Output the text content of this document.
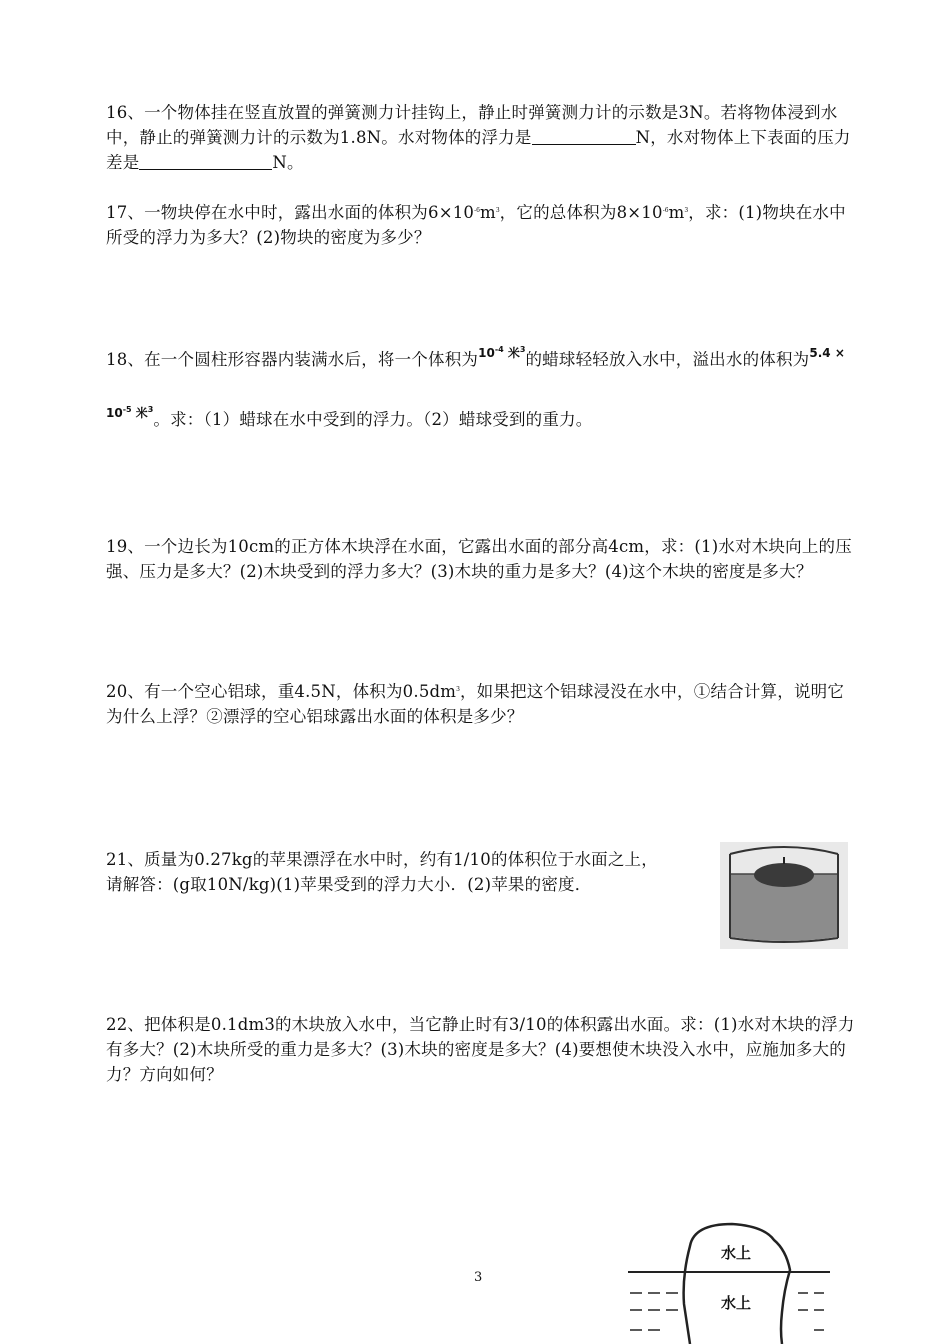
16、一个物体挂在竖直放置的弹簧测力计挂钩上，静止时弹簧测力计的示数是3N。若将物体浸到水中，静止的弹簧测力计的示数为1.8N。水对物体的浮力是	N，水对物体上下表面的压力差是	N。

17、一物块停在水中时，露出水面的体积为$6\times 10^{-6}m^3$，它的总体积为$8\times 10^{-6}m^3$，求：(1)物块在水中所受的浮力为多大？(2)物块的密度为多少？

18、在一个圆柱形容器内装满水后，将一个体积为$^{10^{-4} 米^3}$的蜡球轻轻放入水中，溢出水的体积为$^{5.4 \times 10^{-5} 米^3}$。求：（1）蜡球在水中受到的浮力。（2）蜡球受到的重力。

19、一个边长为10cm的正方体木块浮在水面，它露出水面的部分高4cm，求：(1)水对木块向上的压强、压力是多大？(2)木块受到的浮力多大？(3)木块的重力是多大？(4)这个木块的密度是多大？

20、有一个空心铝球，重4.5N，体积为$0.5dm^3$，如果把这个铝球浸没在水中，①结合计算，说明它为什么上浮？②漂浮的空心铝球露出水面的体积是多少？

21、质量为0.27kg的苹果漂浮在水中时，约有1/10的体积位于水面之上，
请解答：(g取10N/kg)(1)苹果受到的浮力大小．(2)苹果的密度．

22、把体积是0.1dm3的木块放入水中，当它静止时有3/10的体积露出水面。求：(1)水对木块的浮力有多大？(2)木块所受的重力是多大？(3)木块的密度是多大？(4)要想使木块没入水中，应施加多大的力？方向如何？

水上
水上
3
